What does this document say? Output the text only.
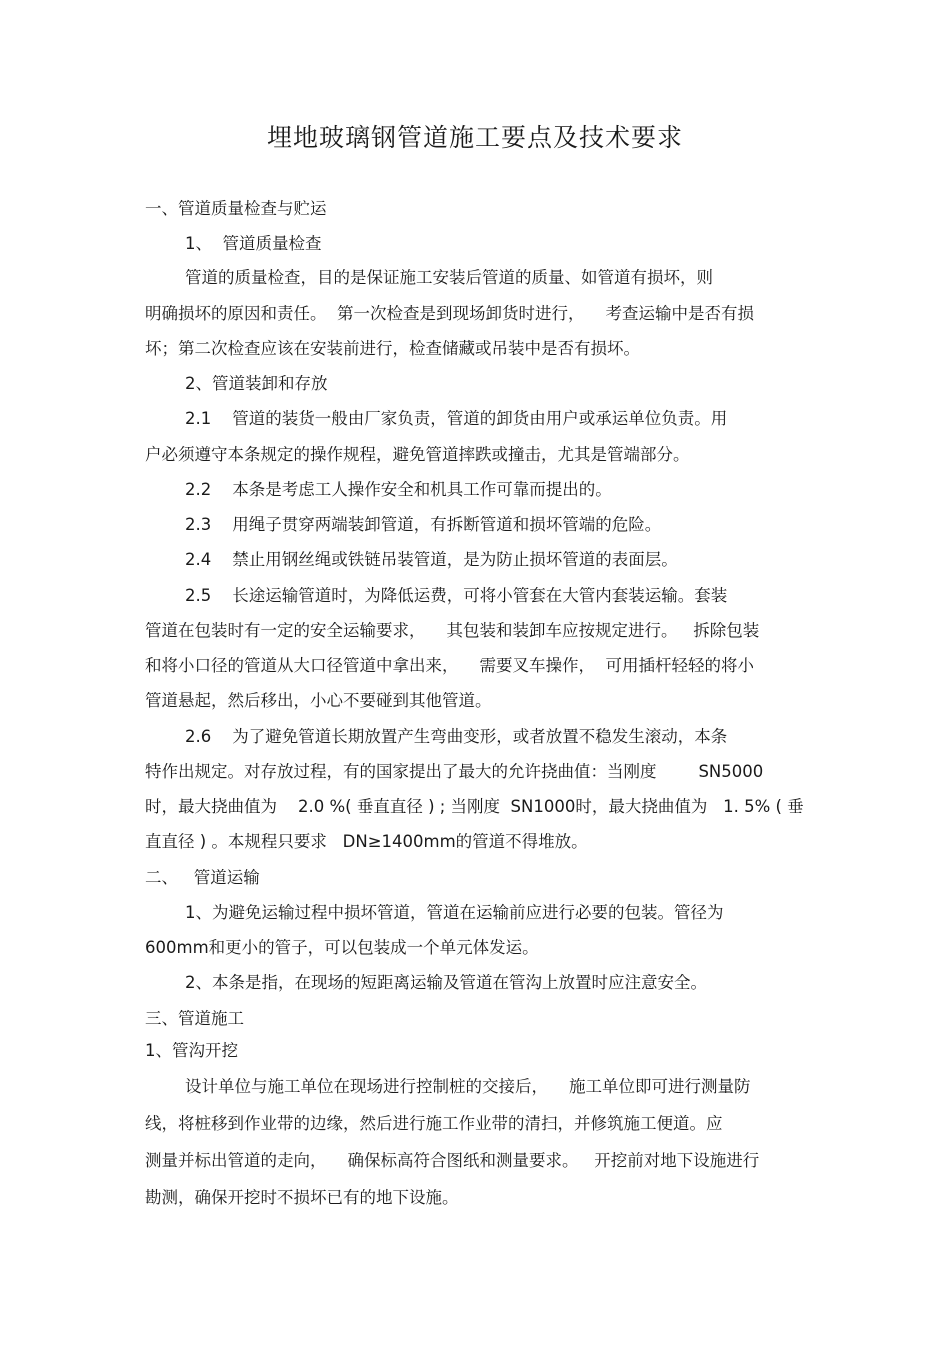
埋地玻璃钢管道施工要点及技术要求
一、管道质量检查与贮运
1、  管道质量检查
管道的质量检查，目的是保证施工安装后管道的质量、如管道有损坏，则
明确损坏的原因和责任。  第一次检查是到现场卸货时进行，    考查运输中是否有损
坏；第二次检查应该在安装前进行，检查储藏或吊装中是否有损坏。
2、管道装卸和存放
2.1    管道的装货一般由厂家负责，管道的卸货由用户或承运单位负责。用
户必须遵守本条规定的操作规程，避免管道摔跌或撞击，尤其是管端部分。
2.2    本条是考虑工人操作安全和机具工作可靠而提出的。
2.3    用绳子贯穿两端装卸管道，有拆断管道和损坏管端的危险。
2.4    禁止用钢丝绳或铁链吊装管道，是为防止损坏管道的表面层。
2.5    长途运输管道时，为降低运费，可将小管套在大管内套装运输。套装
管道在包装时有一定的安全运输要求，    其包装和装卸车应按规定进行。   拆除包装
和将小口径的管道从大口径管道中拿出来，    需要叉车操作，  可用插杆轻轻的将小
管道悬起，然后移出，小心不要碰到其他管道。
2.6    为了避免管道长期放置产生弯曲变形，或者放置不稳发生滚动，本条
特作出规定。对存放过程，有的国家提出了最大的允许挠曲值：当刚度        SN5000
时，最大挠曲值为    2.0 %( 垂直直径 ) ; 当刚度  SN1000时，最大挠曲值为   1. 5% ( 垂
直直径 ) 。本规程只要求   DN≥1400mm的管道不得堆放。
二、   管道运输
1、为避免运输过程中损坏管道，管道在运输前应进行必要的包装。管径为
600mm和更小的管子，可以包装成一个单元体发运。
2、本条是指，在现场的短距离运输及管道在管沟上放置时应注意安全。
三、管道施工
1、管沟开挖
设计单位与施工单位在现场进行控制桩的交接后，    施工单位即可进行测量防
线，将桩移到作业带的边缘，然后进行施工作业带的清扫，并修筑施工便道。应
测量并标出管道的走向，    确保标高符合图纸和测量要求。   开挖前对地下设施进行
勘测，确保开挖时不损坏已有的地下设施。
